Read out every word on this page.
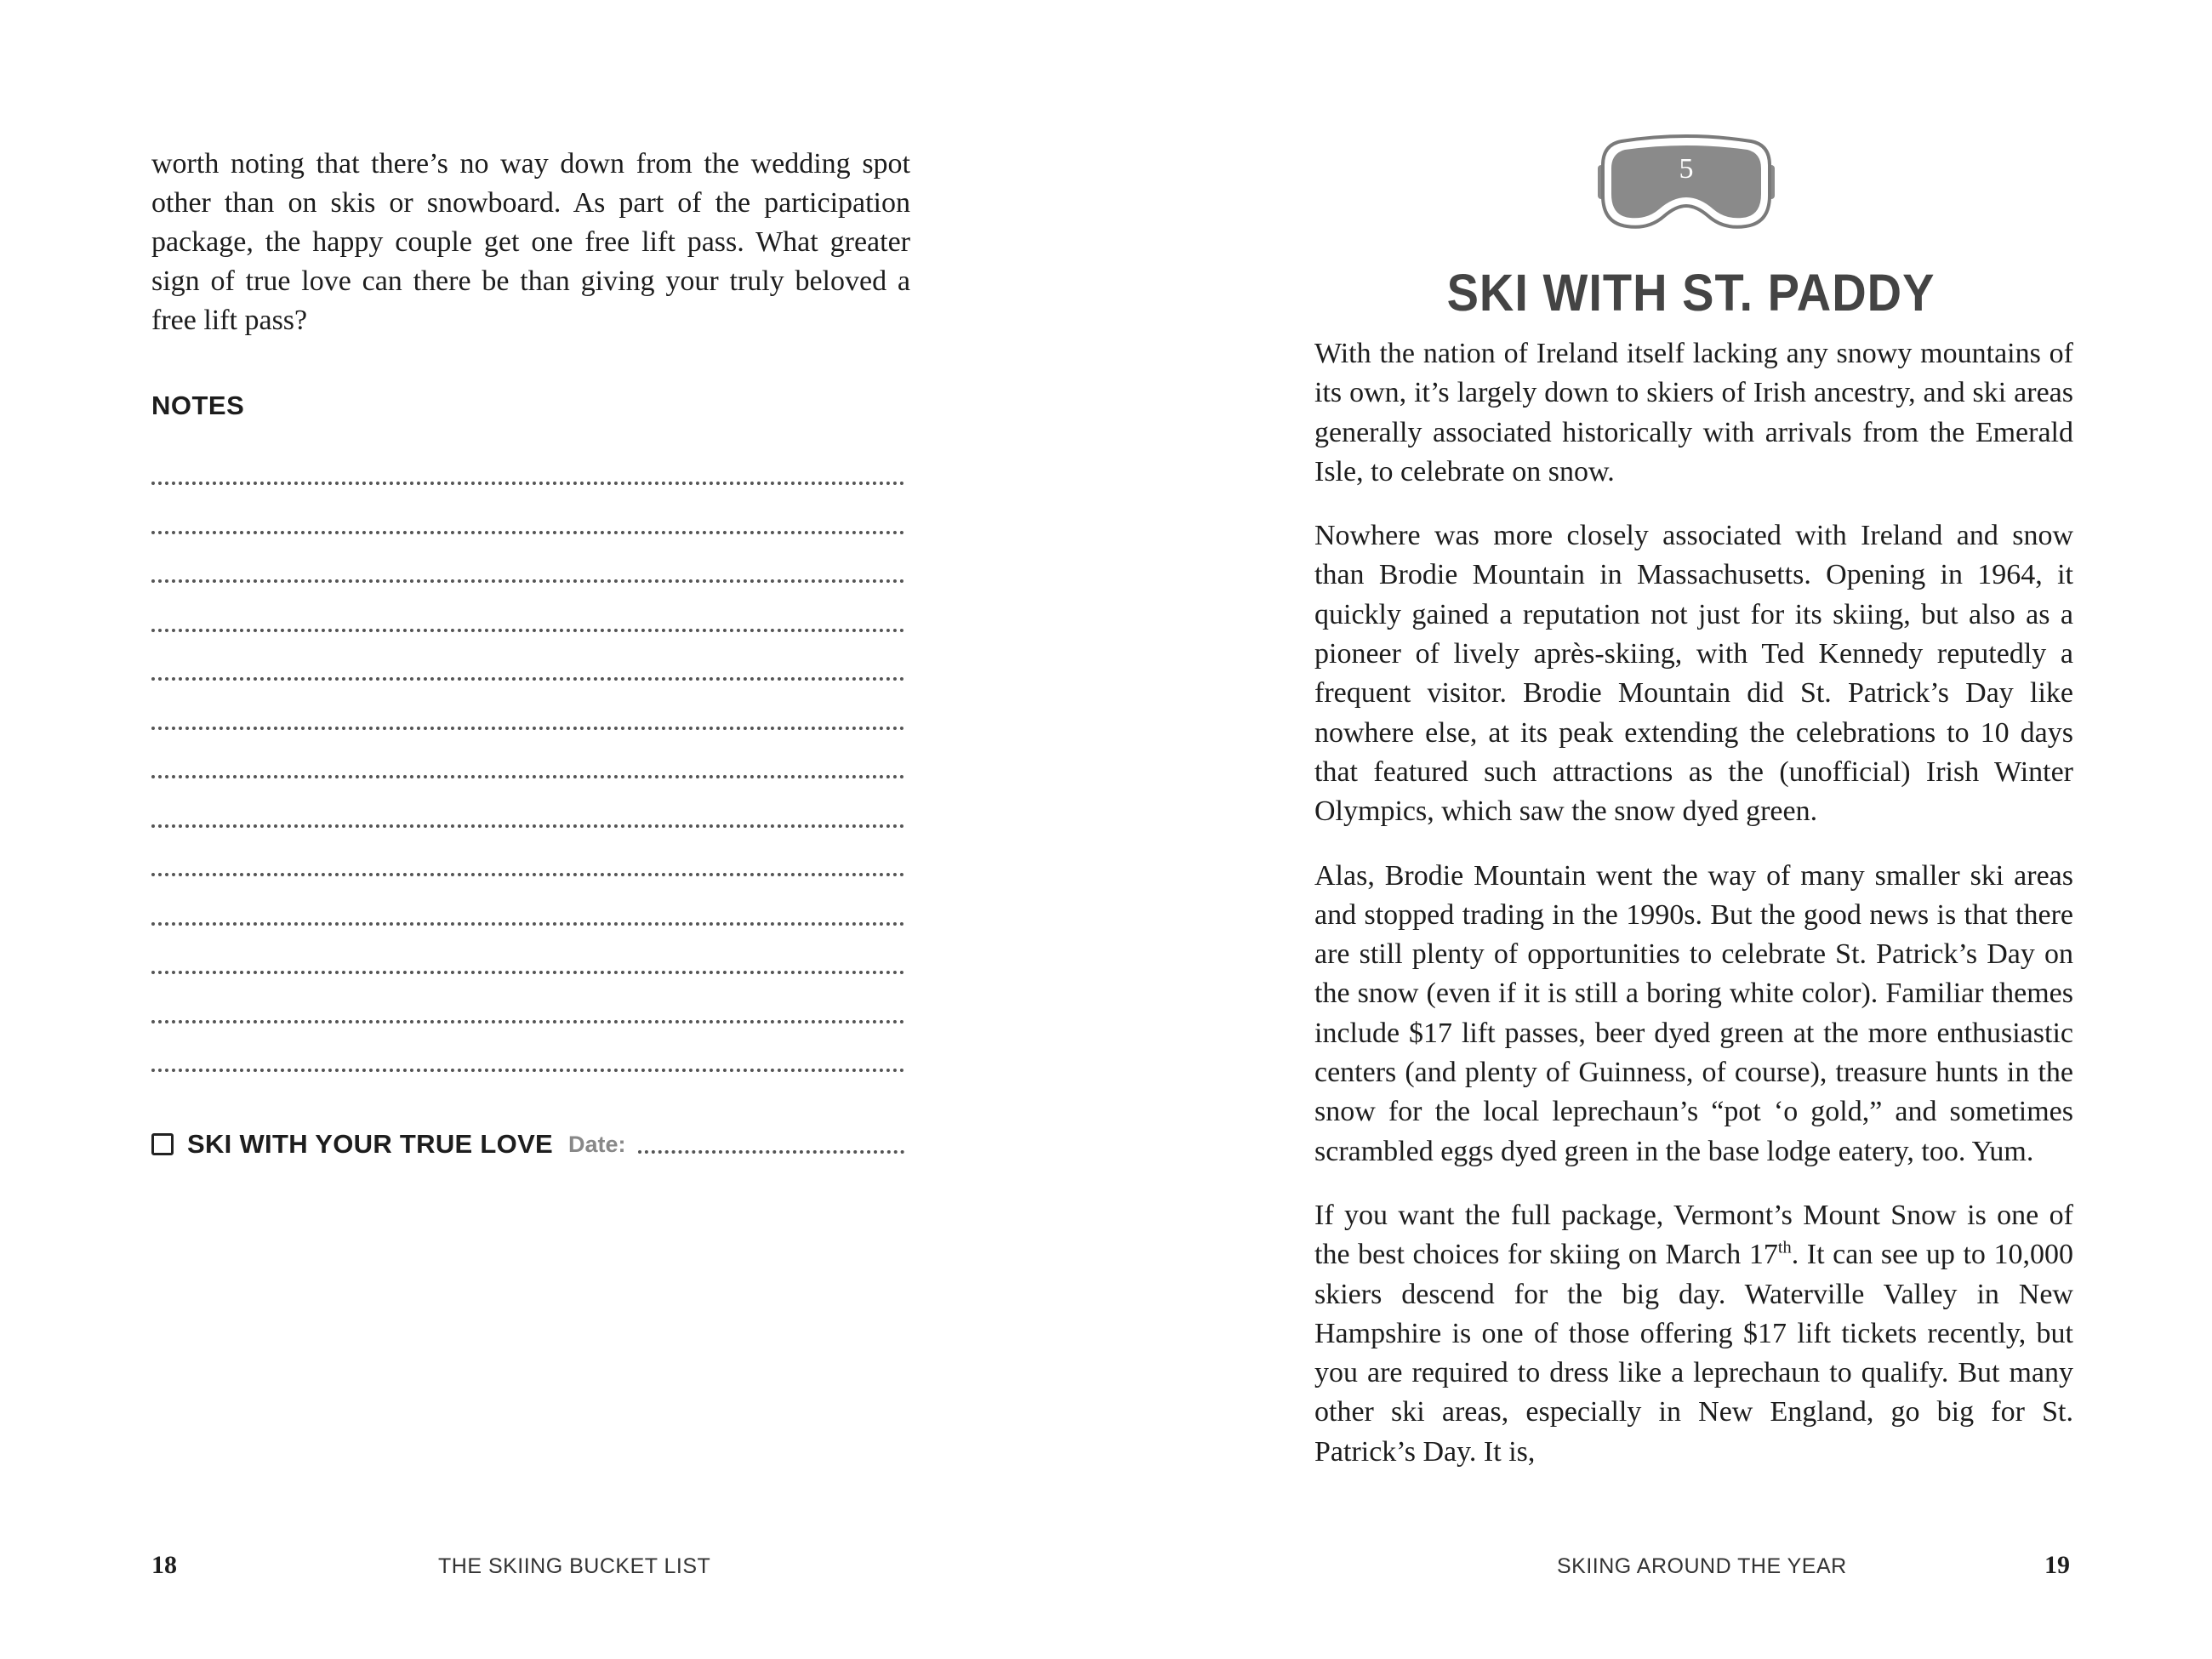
worth noting that there’s no way down from the wedding spot other than on skis or snowboard. As part of the participation package, the happy couple get one free lift pass. What greater sign of true love can there be than giving your truly beloved a free lift pass?
NOTES
SKI WITH YOUR TRUE LOVE Date:
18	THE SKIING BUCKET LIST
5
SKI WITH ST. PADDY

With the nation of Ireland itself lacking any snowy mountains of its own, it’s largely down to skiers of Irish ancestry, and ski areas generally associated historically with arrivals from the Emerald Isle, to celebrate on snow.

Nowhere was more closely associated with Ireland and snow than Brodie Mountain in Massachusetts. Opening in 1964, it quickly gained a reputation not just for its skiing, but also as a pioneer of lively après-skiing, with Ted Kennedy reputedly a frequent visitor. Brodie Mountain did St. Patrick’s Day like nowhere else, at its peak extending the celebrations to 10 days that featured such attractions as the (unofficial) Irish Winter Olympics, which saw the snow dyed green.

Alas, Brodie Mountain went the way of many smaller ski areas and stopped trading in the 1990s. But the good news is that there are still plenty of opportunities to celebrate St. Patrick’s Day on the snow (even if it is still a boring white color). Familiar themes include $17 lift passes, beer dyed green at the more enthusiastic centers (and plenty of Guinness, of course), treasure hunts in the snow for the local leprechaun’s “pot ‘o gold,” and sometimes scrambled eggs dyed green in the base lodge eatery, too. Yum.

If you want the full package, Vermont’s Mount Snow is one of the best choices for skiing on March 17th. It can see up to 10,000 skiers descend for the big day. Waterville Valley in New Hampshire is one of those offering $17 lift tickets recently, but you are required to dress like a leprechaun to qualify. But many other ski areas, especially in New England, go big for St. Patrick’s Day. It is,

SKIING AROUND THE YEAR	19
